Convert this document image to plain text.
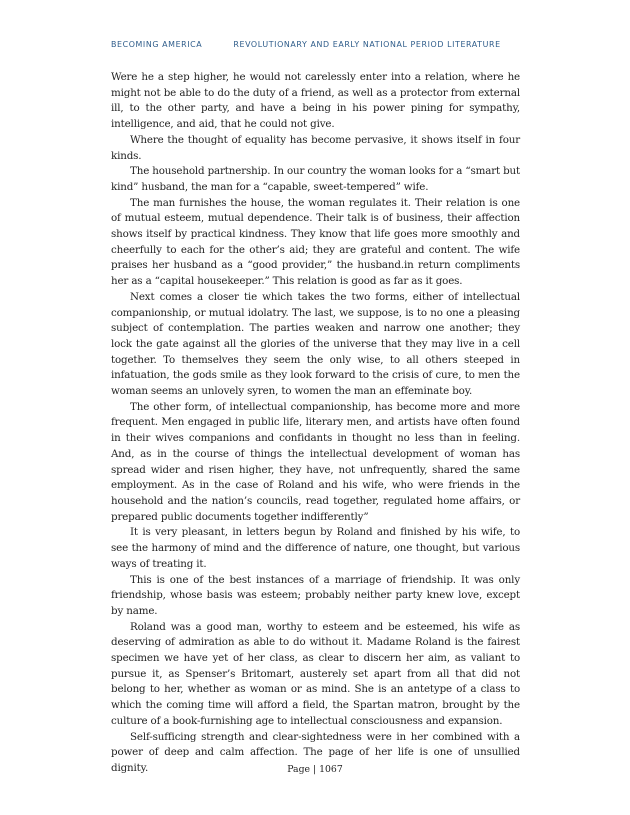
BECOMING AMERICA	REVOLUTIONARY AND EARLY NATIONAL PERIOD LITERATURE

Were he a step higher, he would not carelessly enter into a relation, where he might not be able to do the duty of a friend, as well as a protector from external ill, to the other party, and have a being in his power pining for sympathy, intelligence, and aid, that he could not give.

Where the thought of equality has become pervasive, it shows itself in four kinds.

The household partnership. In our country the woman looks for a “smart but kind” husband, the man for a “capable, sweet-tempered” wife.

The man furnishes the house, the woman regulates it. Their relation is one of mutual esteem, mutual dependence. Their talk is of business, their affection shows itself by practical kindness. They know that life goes more smoothly and cheerfully to each for the other’s aid; they are grateful and content. The wife praises her husband as a “good provider,” the husband.in return compliments her as a “capital housekeeper.” This relation is good as far as it goes.

Next comes a closer tie which takes the two forms, either of intellectual companionship, or mutual idolatry. The last, we suppose, is to no one a pleasing subject of contemplation. The parties weaken and narrow one another; they lock the gate against all the glories of the universe that they may live in a cell together. To themselves they seem the only wise, to all others steeped in infatuation, the gods smile as they look forward to the crisis of cure, to men the woman seems an unlovely syren, to women the man an effeminate boy.

The other form, of intellectual companionship, has become more and more frequent. Men engaged in public life, literary men, and artists have often found in their wives companions and confidants in thought no less than in feeling. And, as in the course of things the intellectual development of woman has spread wider and risen higher, they have, not unfrequently, shared the same employment. As in the case of Roland and his wife, who were friends in the household and the nation’s councils, read together, regulated home affairs, or prepared public documents together indifferently”

It is very pleasant, in letters begun by Roland and finished by his wife, to see the harmony of mind and the difference of nature, one thought, but various ways of treating it.

This is one of the best instances of a marriage of friendship. It was only friendship, whose basis was esteem; probably neither party knew love, except by name.

Roland was a good man, worthy to esteem and be esteemed, his wife as deserving of admiration as able to do without it. Madame Roland is the fairest specimen we have yet of her class, as clear to discern her aim, as valiant to pursue it, as Spenser’s Britomart, austerely set apart from all that did not belong to her, whether as woman or as mind. She is an antetype of a class to which the coming time will afford a field, the Spartan matron, brought by the culture of a book-furnishing age to intellectual consciousness and expansion.

Self-sufficing strength and clear-sightedness were in her combined with a power of deep and calm affection. The page of her life is one of unsullied dignity.	Page | 1067
